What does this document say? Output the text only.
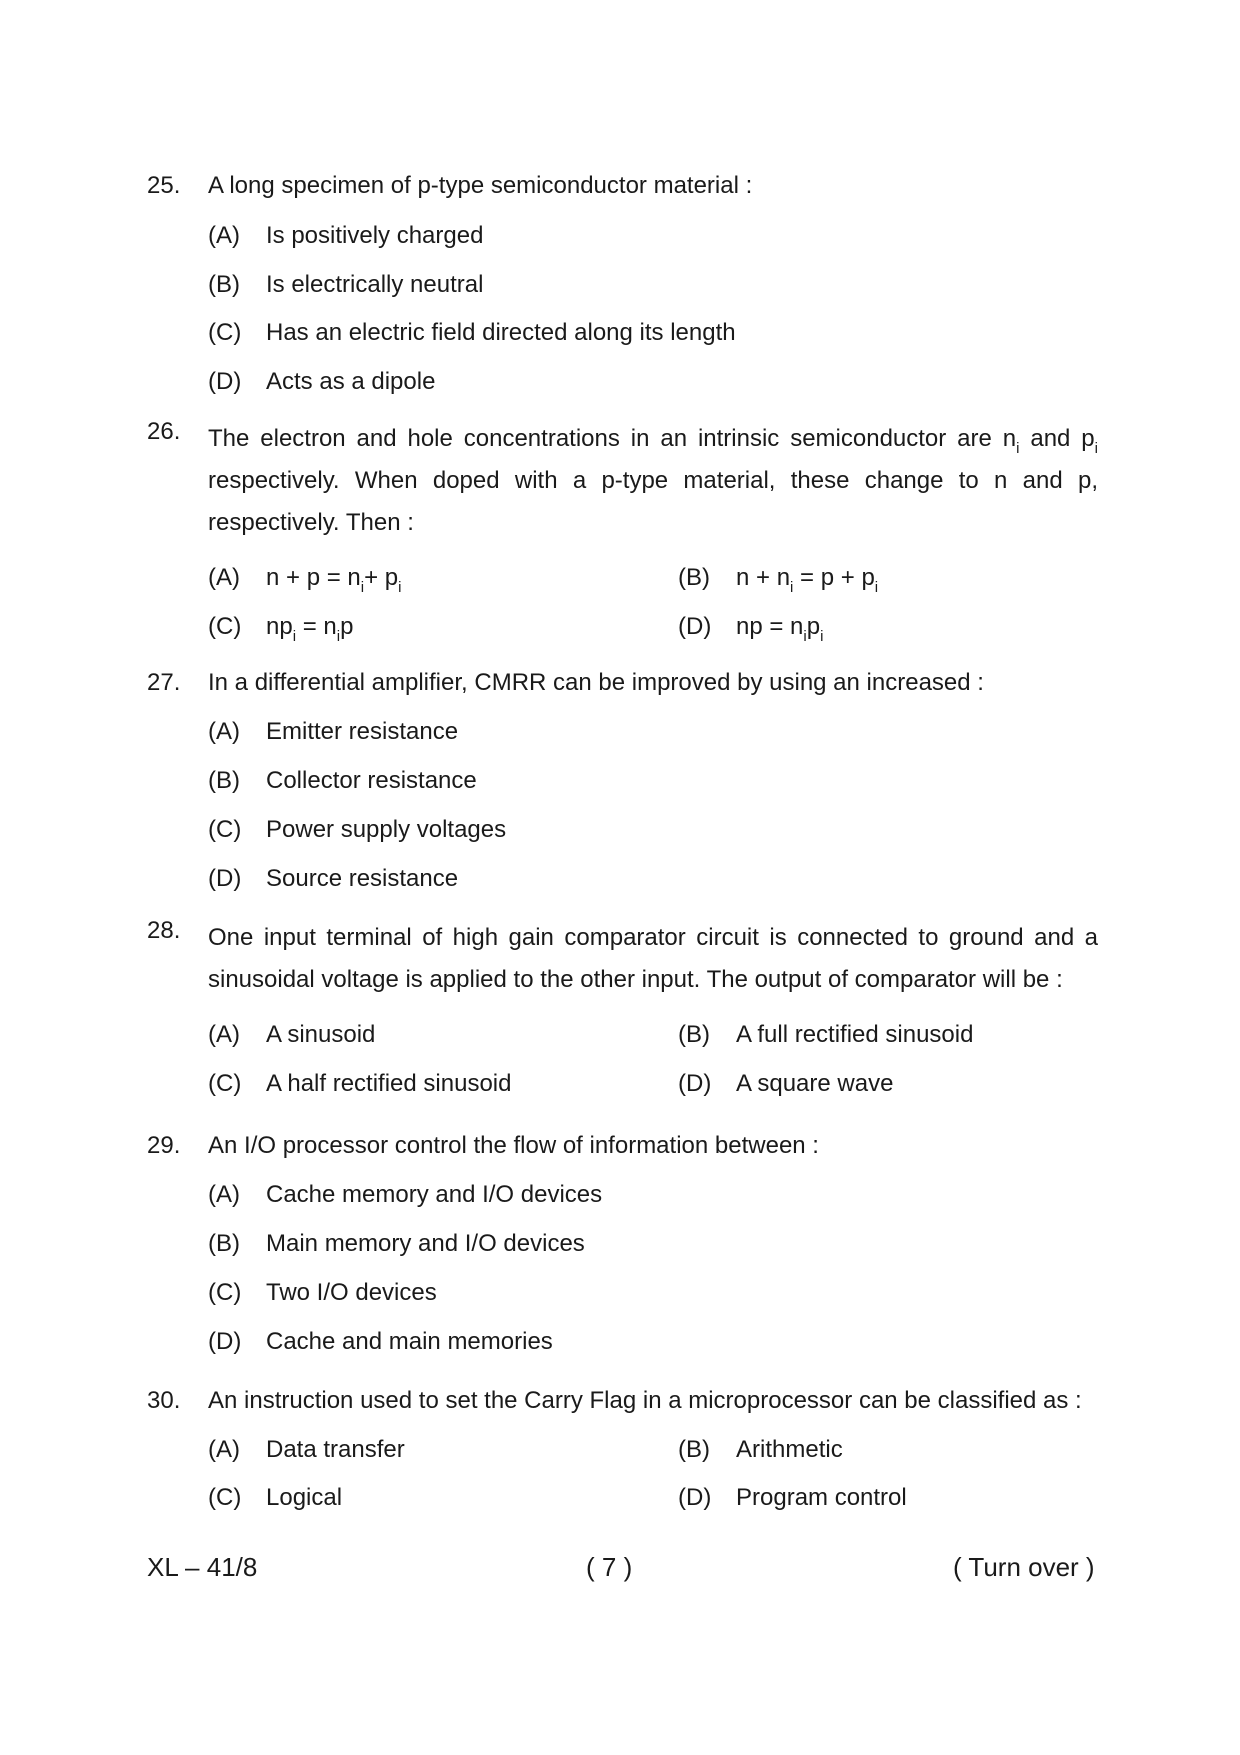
25. A long specimen of p-type semiconductor material :
(A) Is positively charged
(B) Is electrically neutral
(C) Has an electric field directed along its length
(D) Acts as a dipole
26. The electron and hole concentrations in an intrinsic semiconductor are $n_i$ and $p_i$ respectively. When doped with a p-type material, these change to n and p, respectively. Then :
(A) $n + p = n_i+ p_i$	(B) $n + n_i = p + p_i$
(C) $np_i = n_ip$	(D) np = $n_ip_i$
27. In a differential amplifier, CMRR can be improved by using an increased :
(A) Emitter resistance
(B) Collector resistance
(C) Power supply voltages
(D) Source resistance
28. One input terminal of high gain comparator circuit is connected to ground and a sinusoidal voltage is applied to the other input. The output of comparator will be :
(A) A sinusoid	(B) A full rectified sinusoid
(C) A half rectified sinusoid	(D) A square wave
29. An I/O processor control the flow of information between :
(A) Cache memory and I/O devices
(B) Main memory and I/O devices
(C) Two I/O devices
(D) Cache and main memories
30. An instruction used to set the Carry Flag in a microprocessor can be classified as :
(A) Data transfer	(B) Arithmetic
(C) Logical	(D) Program control
XL – 41/8	( 7 )	( Turn over )
